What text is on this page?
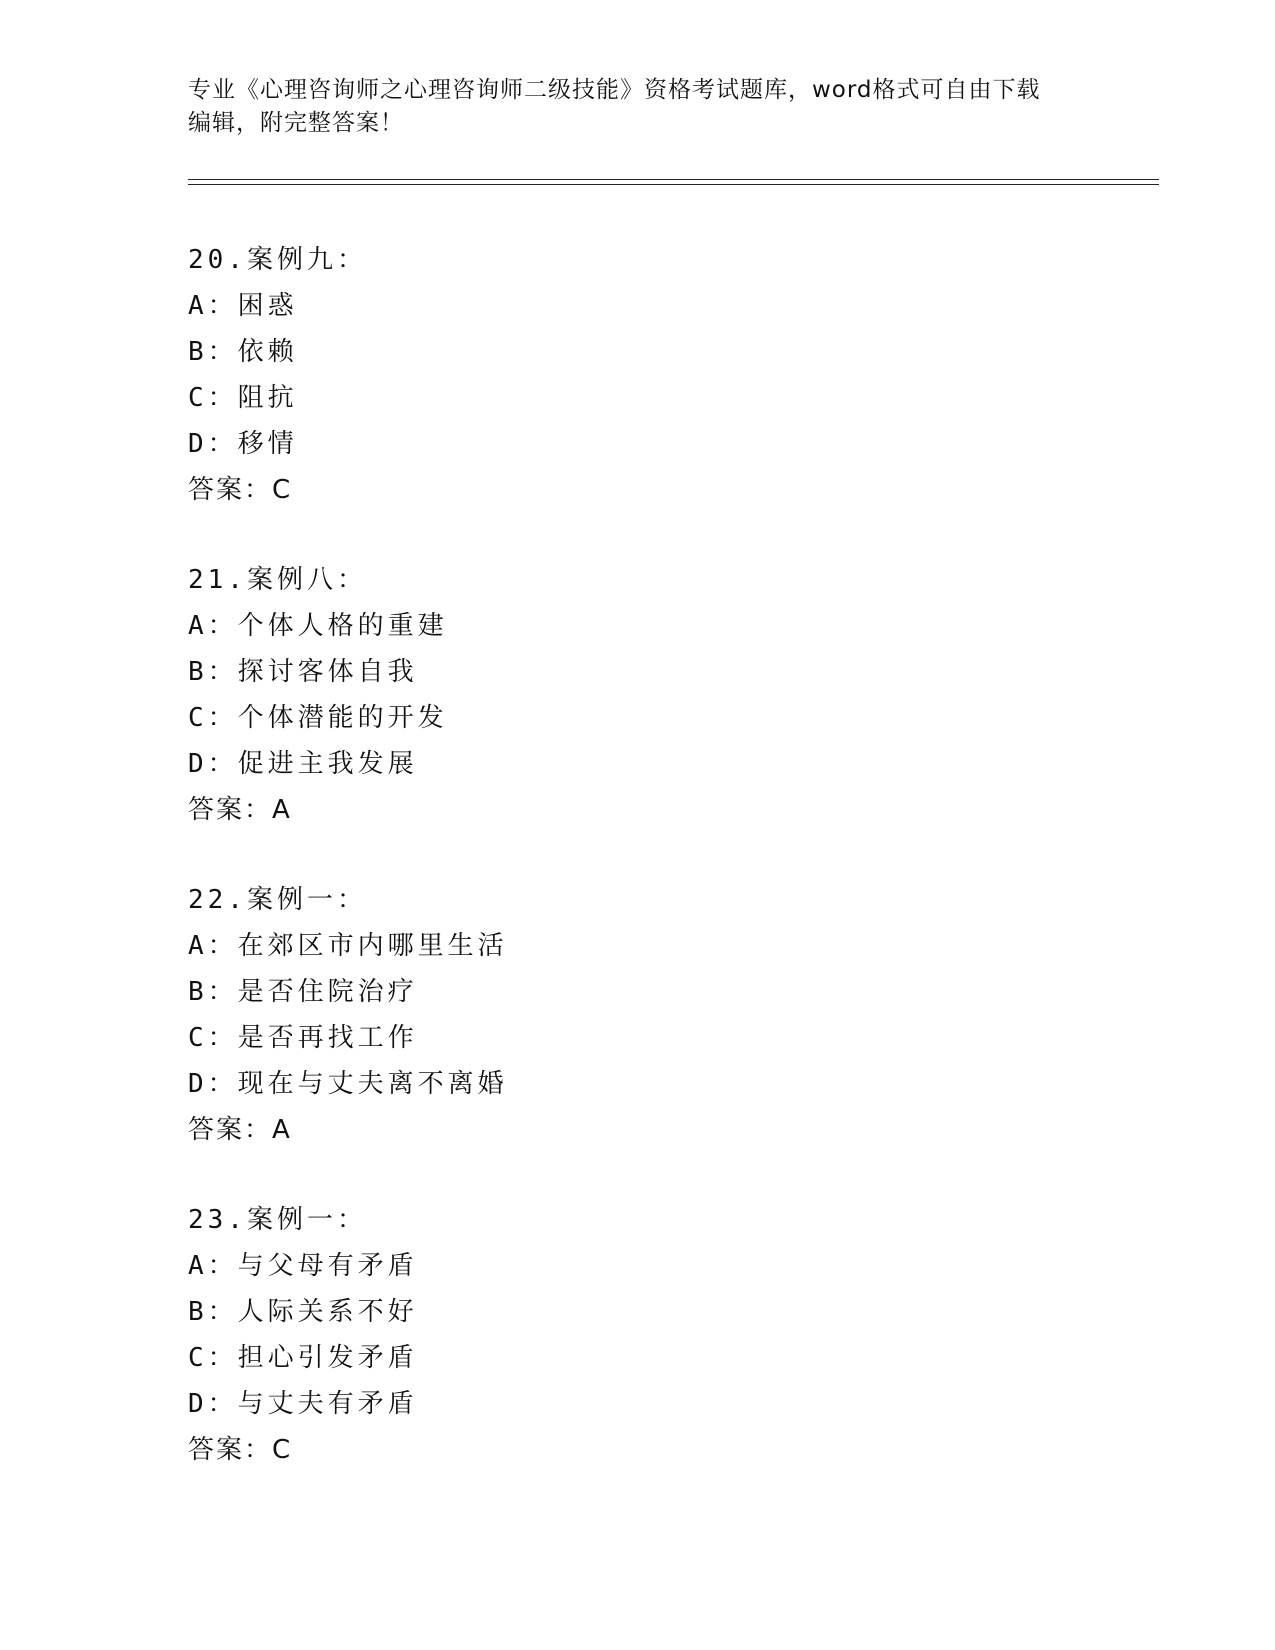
专业《心理咨询师之心理咨询师二级技能》资格考试题库，word格式可自由下载
编辑，附完整答案！
20.案例九：
A：困惑
B：依赖
C：阻抗
D：移情
答案：C
21.案例八：
A：个体人格的重建
B：探讨客体自我
C：个体潜能的开发
D：促进主我发展
答案：A
22.案例一：
A：在郊区市内哪里生活
B：是否住院治疗
C：是否再找工作
D：现在与丈夫离不离婚
答案：A
23.案例一：
A：与父母有矛盾
B：人际关系不好
C：担心引发矛盾
D：与丈夫有矛盾
答案：C
